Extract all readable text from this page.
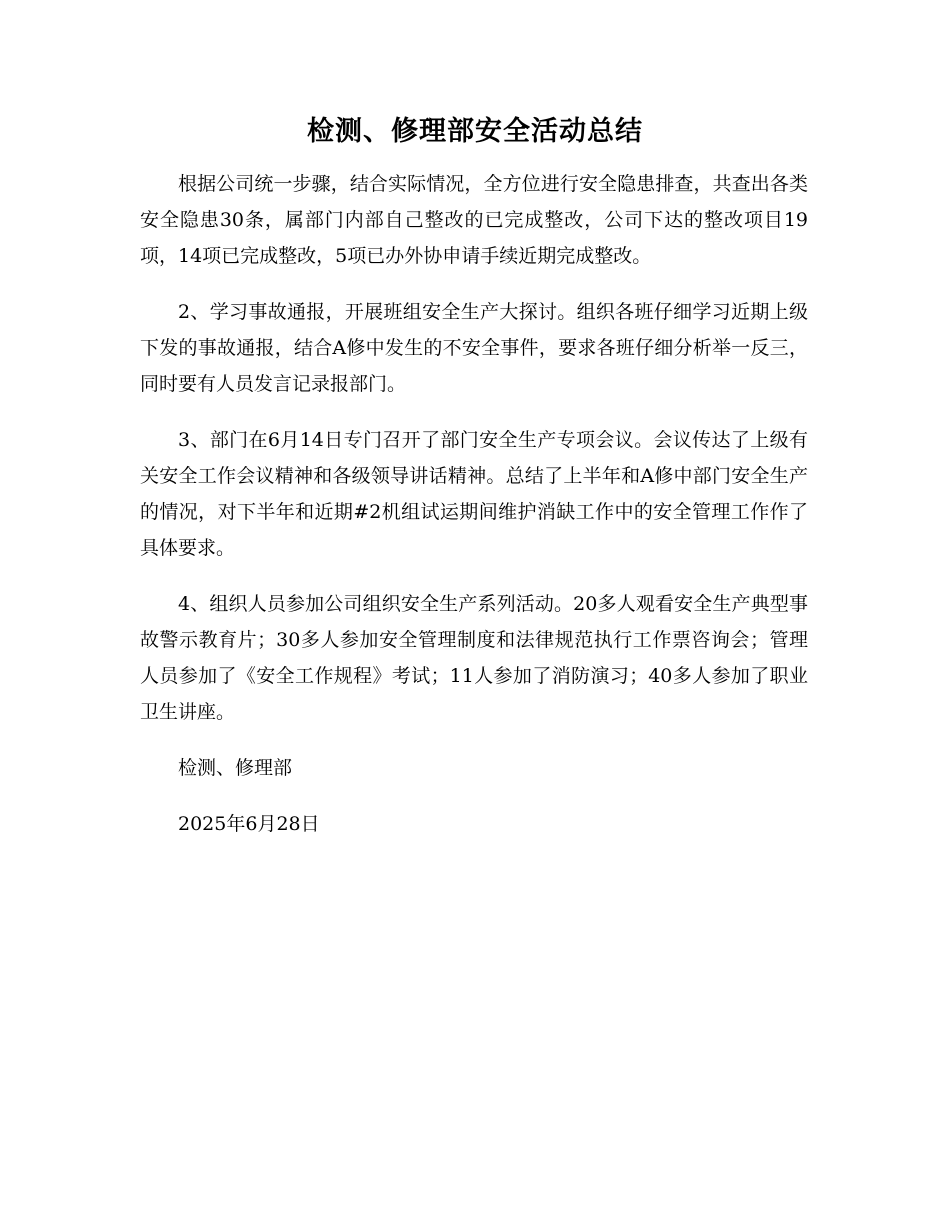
检测、修理部安全活动总结

根据公司统一步骤，结合实际情况，全方位进行安全隐患排查，共查出各类安全隐患30条，属部门内部自己整改的已完成整改，公司下达的整改项目19项，14项已完成整改，5项已办外协申请手续近期完成整改。

2、学习事故通报，开展班组安全生产大探讨。组织各班仔细学习近期上级下发的事故通报，结合A修中发生的不安全事件，要求各班仔细分析举一反三，同时要有人员发言记录报部门。

3、部门在6月14日专门召开了部门安全生产专项会议。会议传达了上级有关安全工作会议精神和各级领导讲话精神。总结了上半年和A修中部门安全生产的情况，对下半年和近期#2机组试运期间维护消缺工作中的安全管理工作作了具体要求。

4、组织人员参加公司组织安全生产系列活动。20多人观看安全生产典型事故警示教育片；30多人参加安全管理制度和法律规范执行工作票咨询会；管理人员参加了《安全工作规程》考试；11人参加了消防演习；40多人参加了职业卫生讲座。

检测、修理部

2025年6月28日
